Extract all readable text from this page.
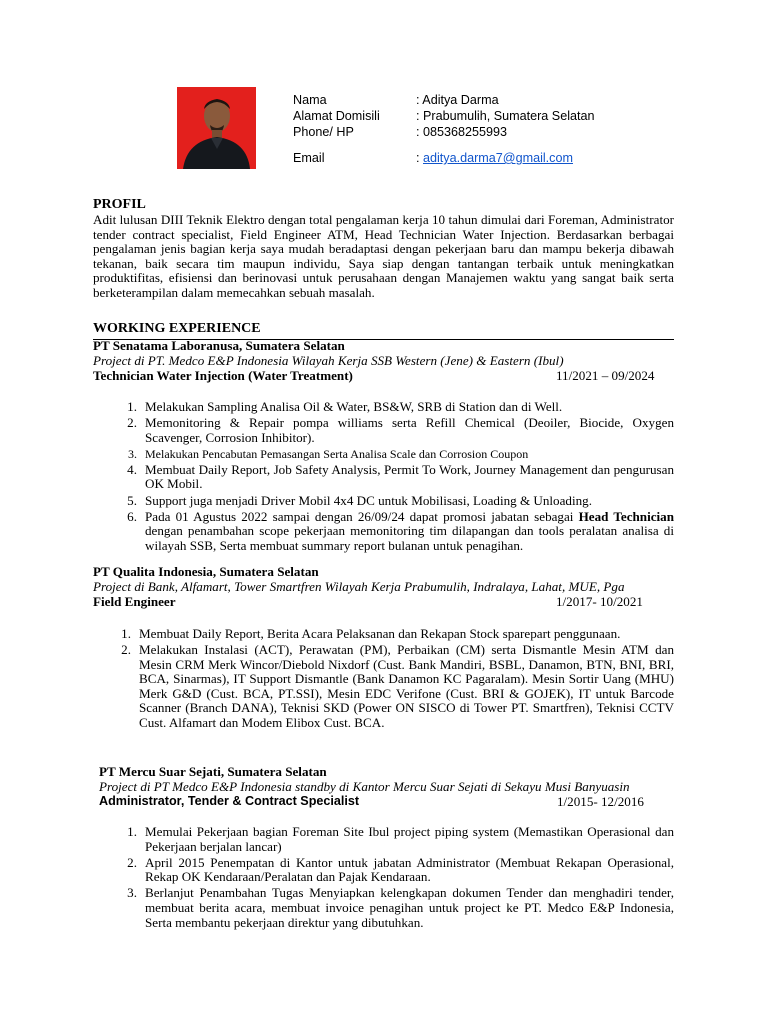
Nama	: Aditya Darma
Alamat Domisili	: Prabumulih, Sumatera Selatan
Phone/ HP	: 085368255993
Email	: aditya.darma7@gmail.com
PROFIL
Adit lulusan DIII Teknik Elektro dengan total pengalaman kerja 10 tahun dimulai dari Foreman, Administrator tender contract specialist, Field Engineer ATM, Head Technician Water Injection. Berdasarkan berbagai pengalaman jenis bagian kerja saya mudah beradaptasi dengan pekerjaan baru dan mampu bekerja dibawah tekanan, baik secara tim maupun individu, Saya siap dengan tantangan terbaik untuk meningkatkan produktifitas, efisiensi dan berinovasi untuk perusahaan dengan Manajemen waktu yang sangat baik serta berketerampilan dalam memecahkan sebuah masalah.
WORKING EXPERIENCE
PT Senatama Laboranusa, Sumatera Selatan
Project di PT. Medco E&P Indonesia Wilayah Kerja SSB Western (Jene) & Eastern (Ibul)
Technician Water Injection (Water Treatment)	11/2021 – 09/2024
1. Melakukan Sampling Analisa Oil & Water, BS&W, SRB di Station dan di Well.
2. Memonitoring & Repair pompa williams serta Refill Chemical (Deoiler, Biocide, Oxygen Scavenger, Corrosion Inhibitor).
3. Melakukan Pencabutan Pemasangan Serta Analisa Scale dan Corrosion Coupon
4. Membuat Daily Report, Job Safety Analysis, Permit To Work, Journey Management dan pengurusan OK Mobil.
5. Support juga menjadi Driver Mobil 4x4 DC untuk Mobilisasi, Loading & Unloading.
6. Pada 01 Agustus 2022 sampai dengan 26/09/24 dapat promosi jabatan sebagai Head Technician dengan penambahan scope pekerjaan memonitoring tim dilapangan dan tools peralatan analisa di wilayah SSB, Serta membuat summary report bulanan untuk penagihan.
PT Qualita Indonesia, Sumatera Selatan
Project di Bank, Alfamart, Tower Smartfren Wilayah Kerja Prabumulih, Indralaya, Lahat, MUE, Pga
Field Engineer	1/2017- 10/2021
1. Membuat Daily Report, Berita Acara Pelaksanan dan Rekapan Stock sparepart penggunaan.
2. Melakukan Instalasi (ACT), Perawatan (PM), Perbaikan (CM) serta Dismantle Mesin ATM dan Mesin CRM Merk Wincor/Diebold Nixdorf (Cust. Bank Mandiri, BSBL, Danamon, BTN, BNI, BRI, BCA, Sinarmas), IT Support Dismantle (Bank Danamon KC Pagaralam). Mesin Sortir Uang (MHU) Merk G&D (Cust. BCA, PT.SSI), Mesin EDC Verifone (Cust. BRI & GOJEK), IT untuk Barcode Scanner (Branch DANA), Teknisi SKD (Power ON SISCO di Tower PT. Smartfren), Teknisi CCTV Cust. Alfamart dan Modem Elibox Cust. BCA.
PT Mercu Suar Sejati, Sumatera Selatan
Project di PT Medco E&P Indonesia standby di Kantor Mercu Suar Sejati di Sekayu Musi Banyuasin
Administrator, Tender & Contract Specialist	1/2015- 12/2016
1. Memulai Pekerjaan bagian Foreman Site Ibul project piping system (Memastikan Operasional dan Pekerjaan berjalan lancar)
2. April 2015 Penempatan di Kantor untuk jabatan Administrator (Membuat Rekapan Operasional, Rekap OK Kendaraan/Peralatan dan Pajak Kendaraan.
3. Berlanjut Penambahan Tugas Menyiapkan kelengkapan dokumen Tender dan menghadiri tender, membuat berita acara, membuat invoice penagihan untuk project ke PT. Medco E&P Indonesia, Serta membantu pekerjaan direktur yang dibutuhkan.
